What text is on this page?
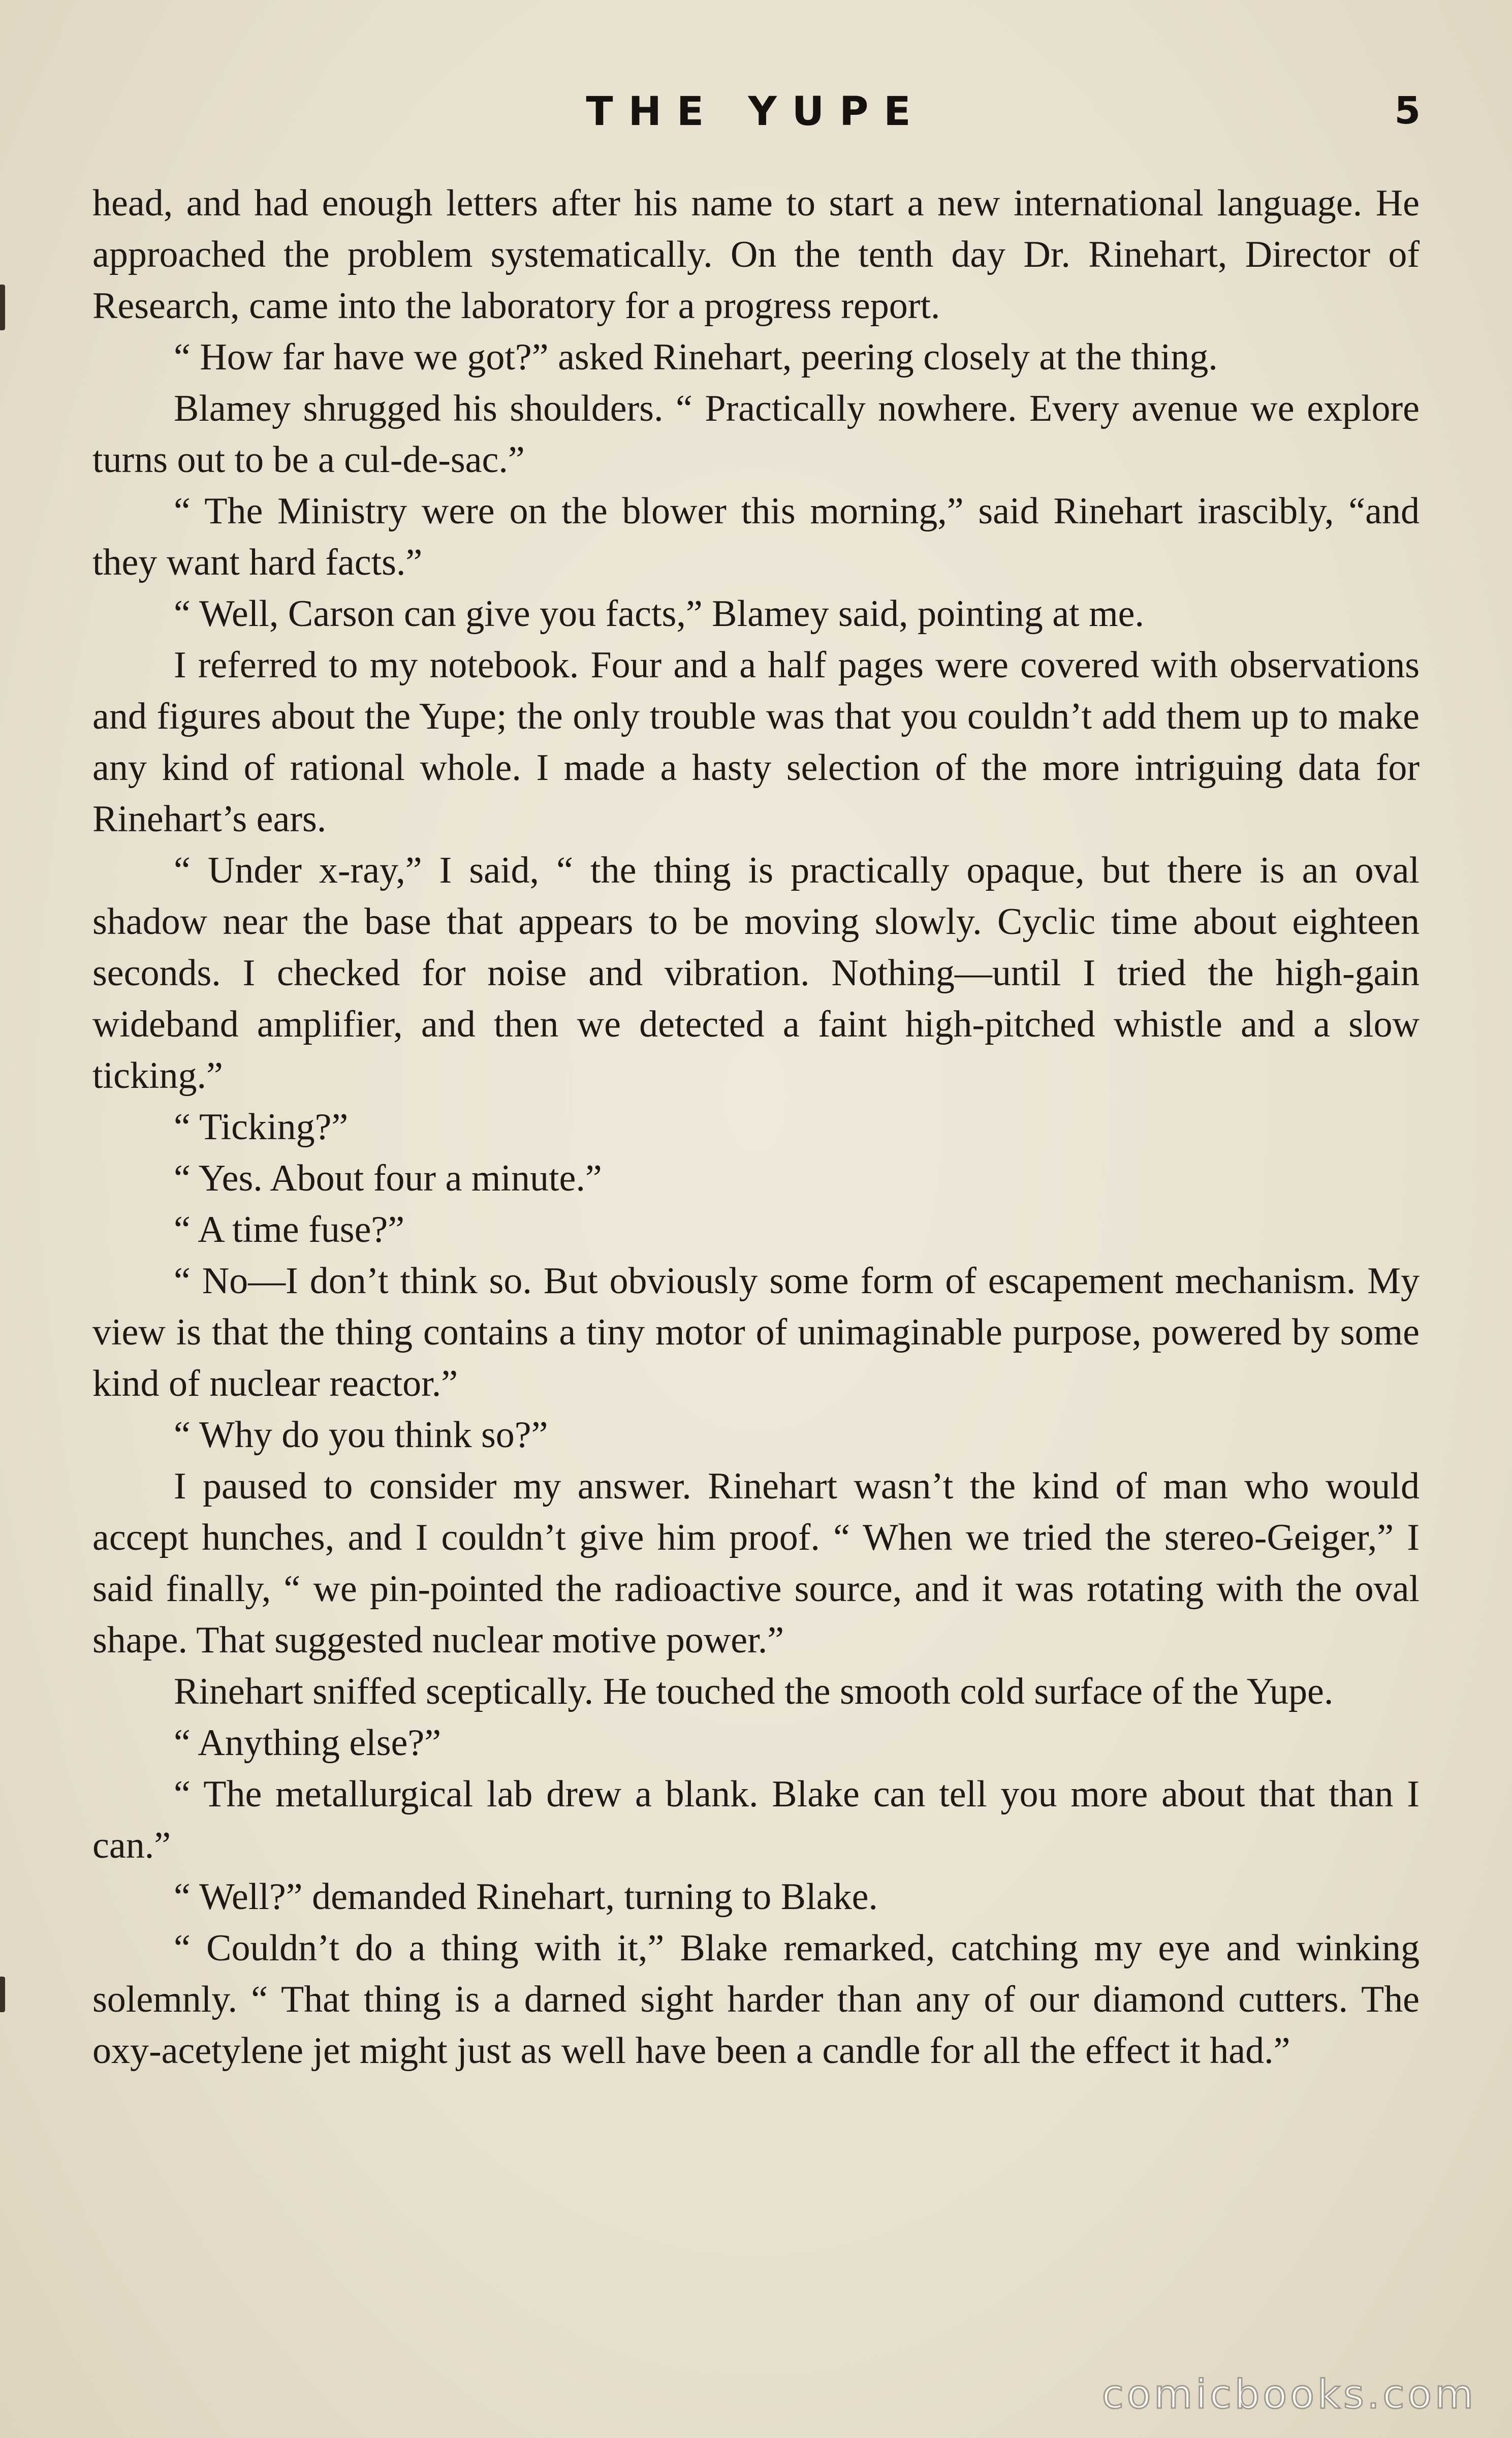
THE YUPE	5

head, and had enough letters after his name to start a new international language. He approached the problem systematically. On the tenth day Dr. Rinehart, Director of Research, came into the laboratory for a progress report.

“ How far have we got?” asked Rinehart, peering closely at the thing.

Blamey shrugged his shoulders. “ Practically nowhere. Every avenue we explore turns out to be a cul-de-sac.”

“ The Ministry were on the blower this morning,” said Rinehart irascibly, “and they want hard facts.”

“ Well, Carson can give you facts,” Blamey said, pointing at me.

I referred to my notebook. Four and a half pages were covered with observations and figures about the Yupe; the only trouble was that you couldn’t add them up to make any kind of rational whole. I made a hasty selection of the more intriguing data for Rinehart’s ears.

“ Under x-ray,” I said, “ the thing is practically opaque, but there is an oval shadow near the base that appears to be moving slowly. Cyclic time about eighteen seconds. I checked for noise and vibration. Nothing—until I tried the high-gain wideband amplifier, and then we detected a faint high-pitched whistle and a slow ticking.”

“ Ticking?”

“ Yes. About four a minute.”

“ A time fuse?”

“ No—I don’t think so. But obviously some form of escapement mechanism. My view is that the thing contains a tiny motor of unimaginable purpose, powered by some kind of nuclear reactor.”

“ Why do you think so?”

I paused to consider my answer. Rinehart wasn’t the kind of man who would accept hunches, and I couldn’t give him proof. “ When we tried the stereo-Geiger,” I said finally, “ we pin-pointed the radioactive source, and it was rotating with the oval shape. That suggested nuclear motive power.”

Rinehart sniffed sceptically. He touched the smooth cold surface of the Yupe.

“ Anything else?”

“ The metallurgical lab drew a blank. Blake can tell you more about that than I can.”

“ Well?” demanded Rinehart, turning to Blake.

“ Couldn’t do a thing with it,” Blake remarked, catching my eye and winking solemnly. “ That thing is a darned sight harder than any of our diamond cutters. The oxy-acetylene jet might just as well have been a candle for all the effect it had.”

comicbooks.com
